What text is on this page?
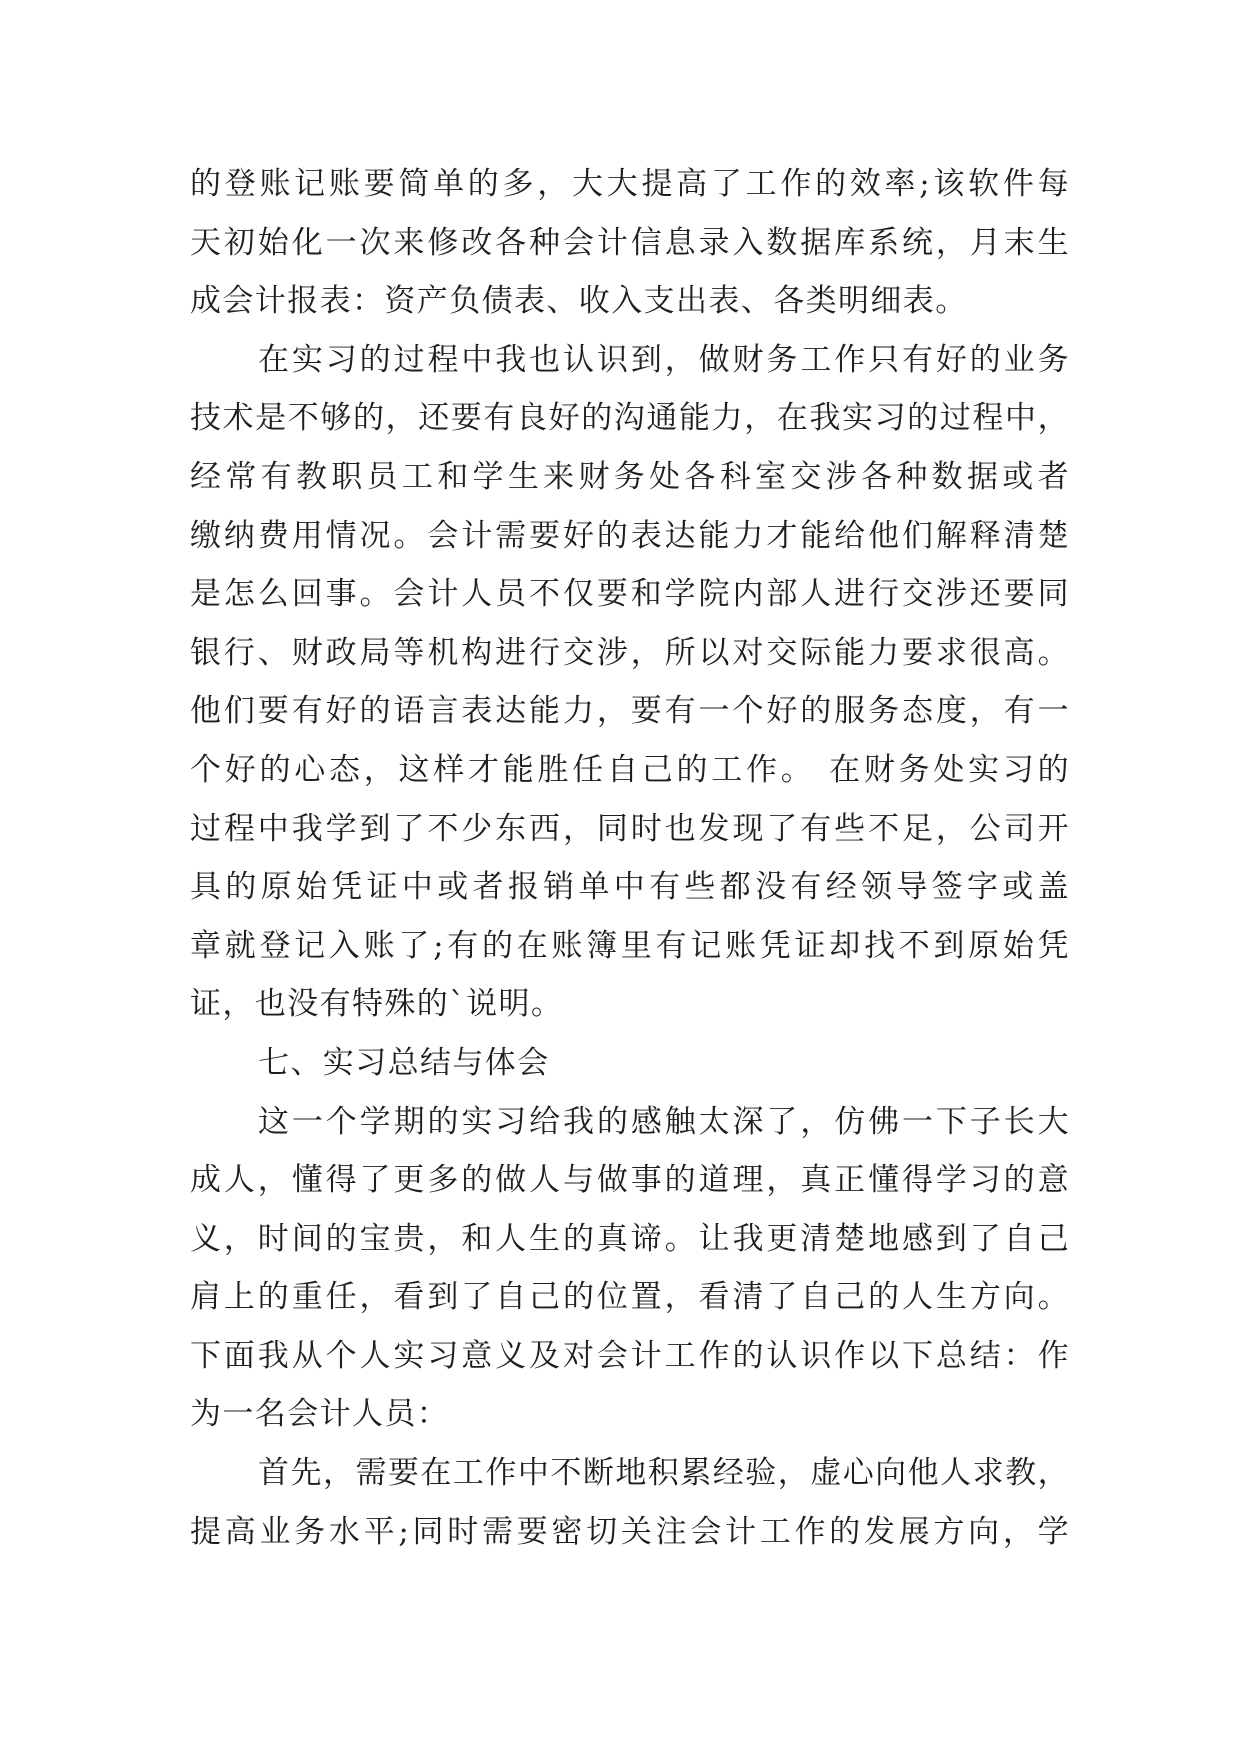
的登账记账要简单的多，大大提高了工作的效率;该软件每
天初始化一次来修改各种会计信息录入数据库系统，月末生
成会计报表：资产负债表、收入支出表、各类明细表。
在实习的过程中我也认识到，做财务工作只有好的业务
技术是不够的，还要有良好的沟通能力，在我实习的过程中，
经常有教职员工和学生来财务处各科室交涉各种数据或者
缴纳费用情况。会计需要好的表达能力才能给他们解释清楚
是怎么回事。会计人员不仅要和学院内部人进行交涉还要同
银行、财政局等机构进行交涉，所以对交际能力要求很高。
他们要有好的语言表达能力，要有一个好的服务态度，有一
个好的心态，这样才能胜任自己的工作。 在财务处实习的
过程中我学到了不少东西，同时也发现了有些不足，公司开
具的原始凭证中或者报销单中有些都没有经领导签字或盖
章就登记入账了;有的在账簿里有记账凭证却找不到原始凭
证，也没有特殊的`说明。
七、实习总结与体会
这一个学期的实习给我的感触太深了，仿佛一下子长大
成人，懂得了更多的做人与做事的道理，真正懂得学习的意
义，时间的宝贵，和人生的真谛。让我更清楚地感到了自己
肩上的重任，看到了自己的位置，看清了自己的人生方向。
下面我从个人实习意义及对会计工作的认识作以下总结：作
为一名会计人员：
首先，需要在工作中不断地积累经验，虚心向他人求教，
提高业务水平;同时需要密切关注会计工作的发展方向，学
